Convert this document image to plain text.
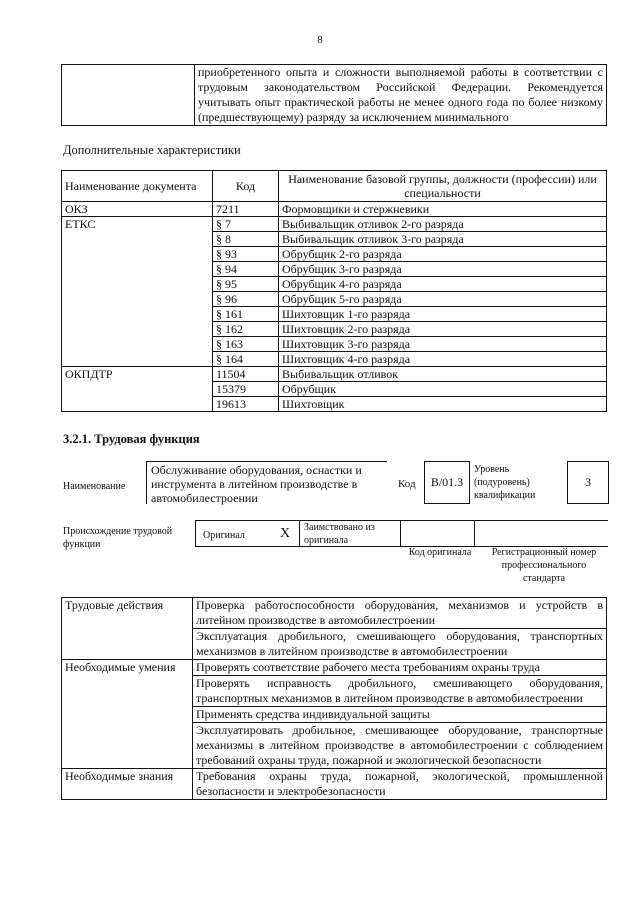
8
	приобретенного опыта и сложности выполняемой работы в соответствии с трудовым законодательством Российской Федерации. Рекомендуется учитывать опыт практической работы не менее одного года по более низкому (предшествующему) разряду за исключением минимального
Дополнительные характеристики
Наименование документа	Код	Наименование базовой группы, должности (профессии) или специальности
ОКЗ	7211	Формовщики и стержневики
ЕТКС	§ 7	Выбивальщик отливок 2-го разряда
	§ 8	Выбивальщик отливок 3-го разряда
	§ 93	Обрубщик 2-го разряда
	§ 94	Обрубщик 3-го разряда
	§ 95	Обрубщик 4-го разряда
	§ 96	Обрубщик 5-го разряда
	§ 161	Шихтовщик 1-го разряда
	§ 162	Шихтовщик 2-го разряда
	§ 163	Шихтовщик 3-го разряда
	§ 164	Шихтовщик 4-го разряда
ОКПДТР	11504	Выбивальщик отливок
	15379	Обрубщик
	19613	Шихтовщик
3.2.1. Трудовая функция
Наименование
Обслуживание оборудования, оснастки и инструмента в литейном производстве в автомобилестроении
Код	B/01.3
Уровень (подуровень) квалификации
3
Происхождение трудовой функции
Оригинал	X Заимствовано из оригинала
Код оригинала	Регистрационный номер профессионального стандарта
Трудовые действия	Проверка работоспособности оборудования, механизмов и устройств в литейном производстве в автомобилестроении
	Эксплуатация дробильного, смешивающего оборудования, транспортных механизмов в литейном производстве в автомобилестроении
Необходимые умения	Проверять соответствие рабочего места требованиям охраны труда
	Проверять исправность дробильного, смешивающего оборудования, транспортных механизмов в литейном производстве в автомобилестроении
	Применять средства индивидуальной защиты
	Эксплуатировать дробильное, смешивающее оборудование, транспортные механизмы в литейном производстве в автомобилестроении с соблюдением требований охраны труда, пожарной и экологической безопасности
Необходимые знания	Требования охраны труда, пожарной, экологической, промышленной безопасности и электробезопасности
